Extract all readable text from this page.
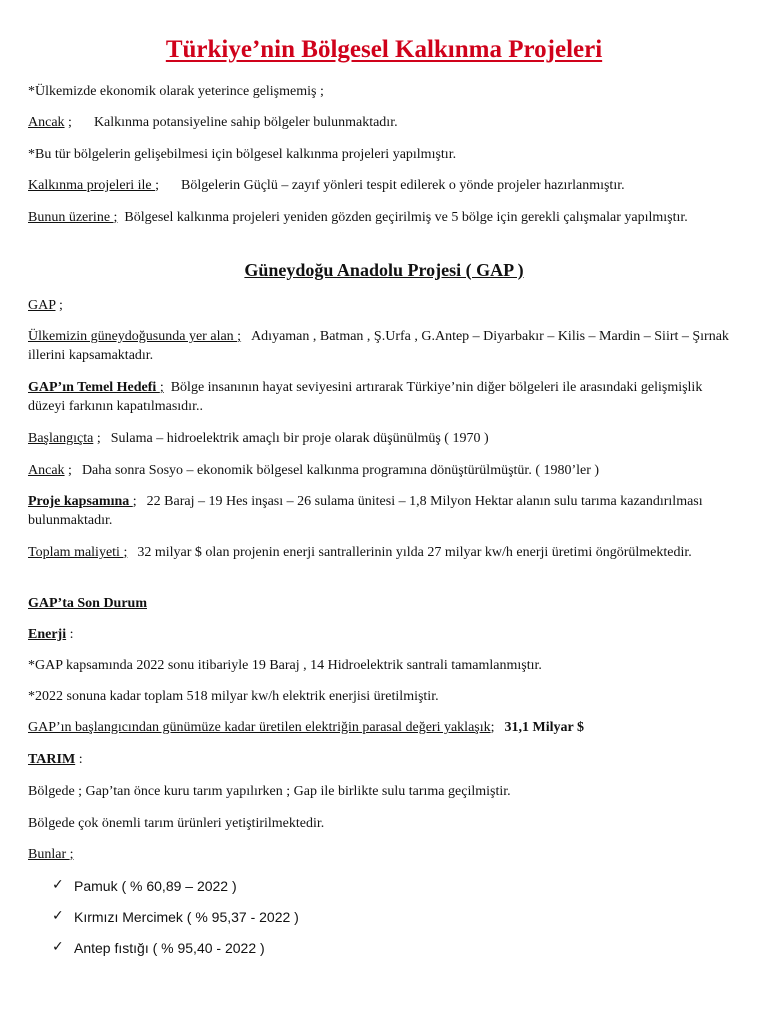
Türkiye’nin Bölgesel Kalkınma Projeleri
*Ülkemizde ekonomik olarak yeterince gelişmemiş ;
Ancak ; Kalkınma potansiyeline sahip bölgeler bulunmaktadır.
*Bu tür bölgelerin gelişebilmesi için bölgesel kalkınma projeleri yapılmıştır.
Kalkınma projeleri ile ; Bölgelerin Güçlü – zayıf yönleri tespit edilerek o yönde projeler hazırlanmıştır.
Bunun üzerine ; Bölgesel kalkınma projeleri yeniden gözden geçirilmiş ve 5 bölge için gerekli çalışmalar yapılmıştır.
Güneydoğu Anadolu Projesi ( GAP )
GAP ;
Ülkemizin güneydoğusunda yer alan ; Adıyaman , Batman , Ş.Urfa , G.Antep – Diyarbakır – Kilis – Mardin – Siirt – Şırnak illerini kapsamaktadır.
GAP’ın Temel Hedefi ; Bölge insanının hayat seviyesini artırarak Türkiye’nin diğer bölgeleri ile arasındaki gelişmişlik düzeyi farkının kapatılmasıdır..
Başlangıçta ; Sulama – hidroelektrik amaçlı bir proje olarak düşünülmüş ( 1970 )
Ancak ; Daha sonra Sosyo – ekonomik bölgesel kalkınma programına dönüştürülmüştür. ( 1980’ler )
Proje kapsamına ; 22 Baraj – 19 Hes inşası – 26 sulama ünitesi – 1,8 Milyon Hektar alanın sulu tarıma kazandırılması bulunmaktadır.
Toplam maliyeti ; 32 milyar $ olan projenin enerji santrallerinin yılda 27 milyar kw/h enerji üretimi öngörülmektedir.
GAP’ta Son Durum
Enerji :
*GAP kapsamında 2022 sonu itibariyle 19 Baraj , 14 Hidroelektrik santrali tamamlanmıştır.
*2022 sonuna kadar toplam 518 milyar kw/h elektrik enerjisi üretilmiştir.
GAP’ın başlangıcından günümüze kadar üretilen elektriğin parasal değeri yaklaşık; 31,1 Milyar $
TARIM :
Bölgede ; Gap’tan önce kuru tarım yapılırken ; Gap ile birlikte sulu tarıma geçilmiştir.
Bölgede çok önemli tarım ürünleri yetiştirilmektedir.
Bunlar ;
✓ Pamuk ( % 60,89 – 2022 )
✓ Kırmızı Mercimek ( % 95,37 - 2022 )
✓ Antep fıstığı ( % 95,40 - 2022 )
